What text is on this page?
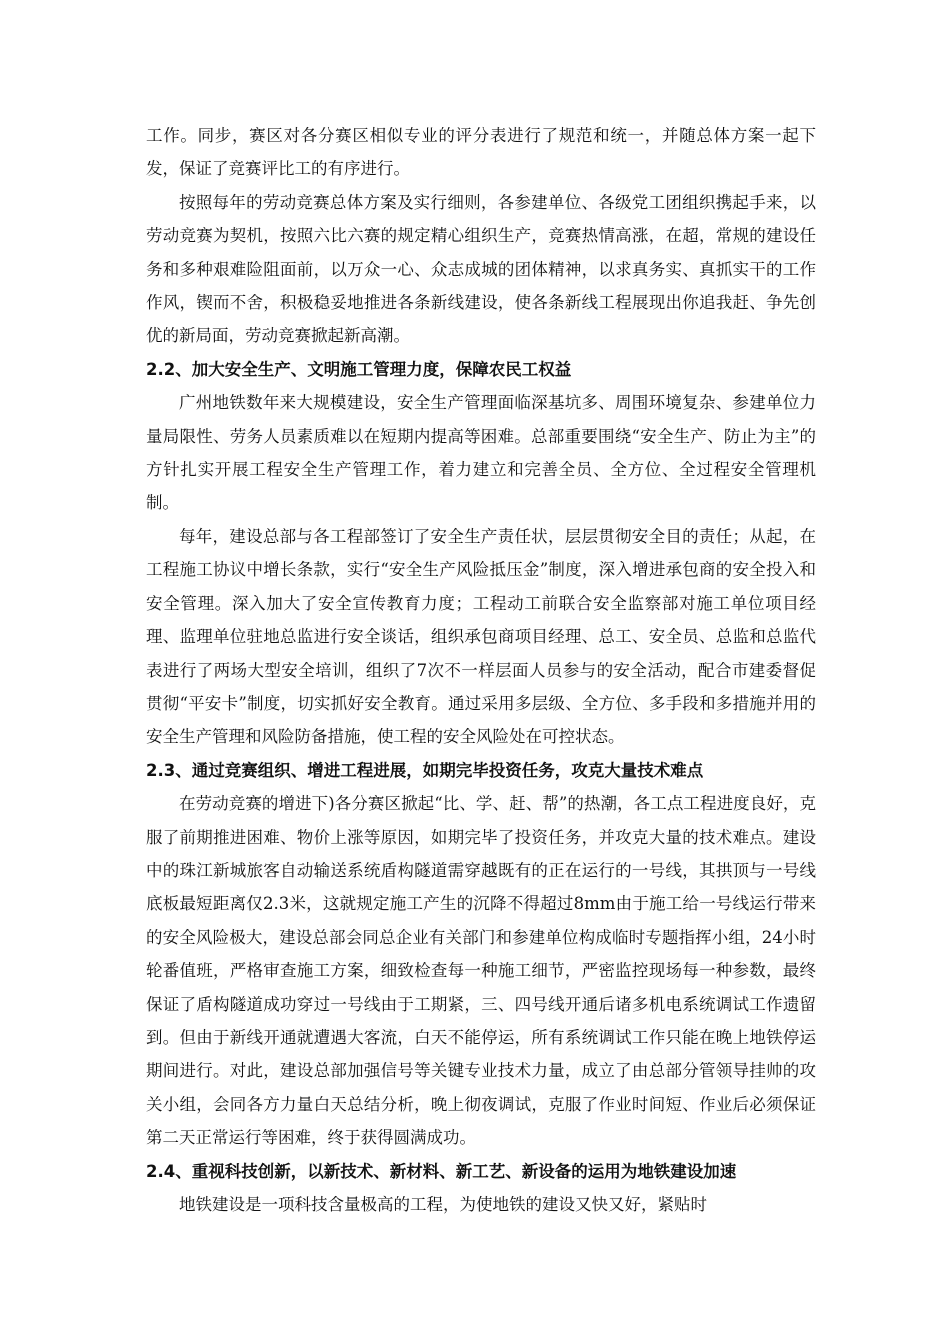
工作。同步，赛区对各分赛区相似专业的评分表进行了规范和统一，并随总体方案一起下发，保证了竞赛评比工的有序进行。

按照每年的劳动竞赛总体方案及实行细则，各参建单位、各级党工团组织携起手来，以劳动竞赛为契机，按照六比六赛的规定精心组织生产，竞赛热情高涨，在超，常规的建设任务和多种艰难险阻面前，以万众一心、众志成城的团体精神，以求真务实、真抓实干的工作作风，锲而不舍，积极稳妥地推进各条新线建设，使各条新线工程展现出你追我赶、争先创优的新局面，劳动竞赛掀起新高潮。

2.2、加大安全生产、文明施工管理力度，保障农民工权益

广州地铁数年来大规模建设，安全生产管理面临深基坑多、周围环境复杂、参建单位力量局限性、劳务人员素质难以在短期内提高等困难。总部重要围绕“安全生产、防止为主”的方针扎实开展工程安全生产管理工作，着力建立和完善全员、全方位、全过程安全管理机制。

每年，建设总部与各工程部签订了安全生产责任状，层层贯彻安全目的责任；从起，在工程施工协议中增长条款，实行“安全生产风险抵压金”制度，深入增进承包商的安全投入和安全管理。深入加大了安全宣传教育力度；工程动工前联合安全监察部对施工单位项目经理、监理单位驻地总监进行安全谈话，组织承包商项目经理、总工、安全员、总监和总监代表进行了两场大型安全培训，组织了7次不一样层面人员参与的安全活动，配合市建委督促贯彻“平安卡”制度，切实抓好安全教育。通过采用多层级、全方位、多手段和多措施并用的安全生产管理和风险防备措施，使工程的安全风险处在可控状态。

2.3、通过竞赛组织、增进工程进展，如期完毕投资任务，攻克大量技术难点

在劳动竞赛的增进下)各分赛区掀起“比、学、赶、帮”的热潮，各工点工程进度良好，克服了前期推进困难、物价上涨等原因，如期完毕了投资任务，并攻克大量的技术难点。建设中的珠江新城旅客自动输送系统盾构隧道需穿越既有的正在运行的一号线，其拱顶与一号线底板最短距离仅2.3米，这就规定施工产生的沉降不得超过8mm由于施工给一号线运行带来的安全风险极大，建设总部会同总企业有关部门和参建单位构成临时专题指挥小组，24小时轮番值班，严格审查施工方案，细致检查每一种施工细节，严密监控现场每一种参数，最终保证了盾构隧道成功穿过一号线由于工期紧，三、四号线开通后诸多机电系统调试工作遗留到。但由于新线开通就遭遇大客流，白天不能停运，所有系统调试工作只能在晚上地铁停运期间进行。对此，建设总部加强信号等关键专业技术力量，成立了由总部分管领导挂帅的攻关小组，会同各方力量白天总结分析，晚上彻夜调试，克服了作业时间短、作业后必须保证第二天正常运行等困难，终于获得圆满成功。

2.4、重视科技创新，以新技术、新材料、新工艺、新设备的运用为地铁建设加速

地铁建设是一项科技含量极高的工程，为使地铁的建设又快又好，紧贴时
